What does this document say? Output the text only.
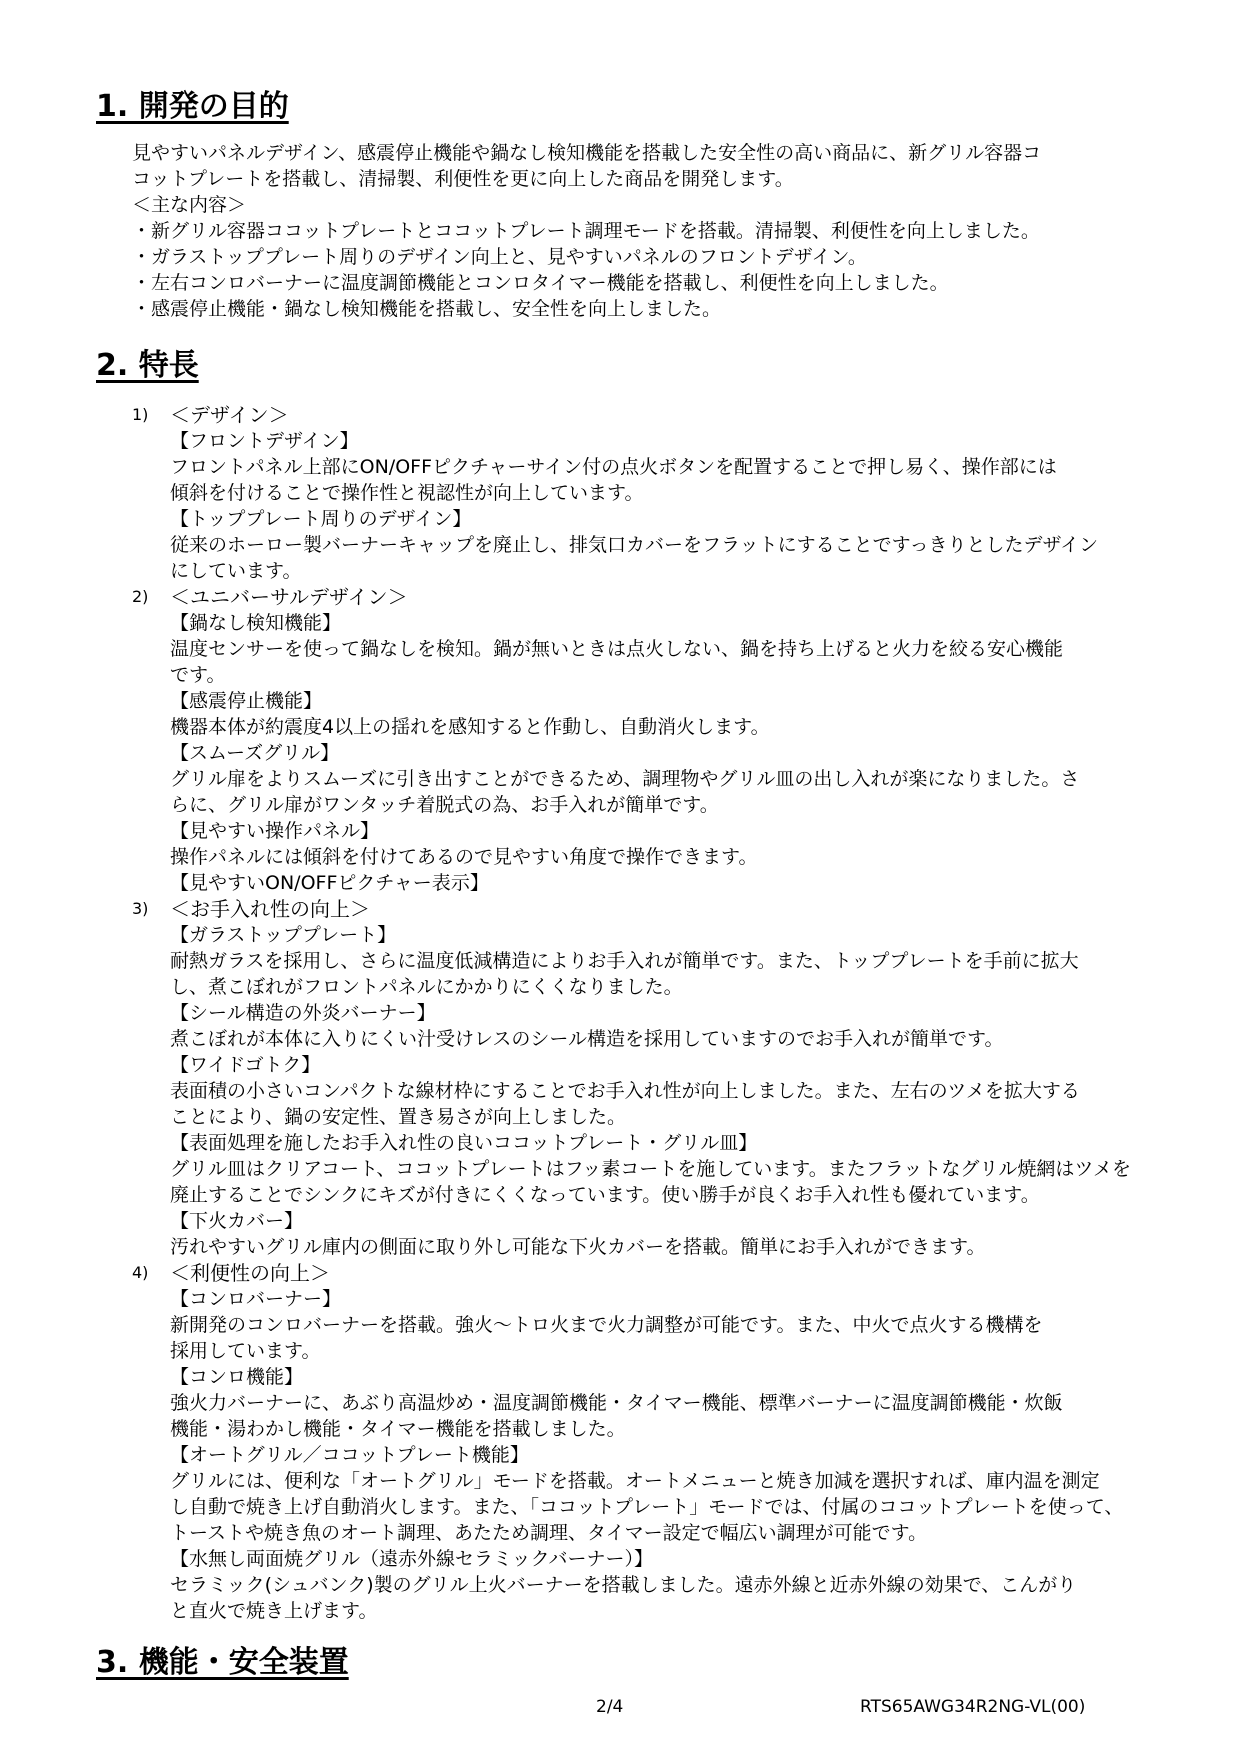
1. 開発の目的
見やすいパネルデザイン、感震停止機能や鍋なし検知機能を搭載した安全性の高い商品に、新グリル容器コ
コットプレートを搭載し、清掃製、利便性を更に向上した商品を開発します。
＜主な内容＞
・新グリル容器ココットプレートとココットプレート調理モードを搭載。清掃製、利便性を向上しました。
・ガラストッププレート周りのデザイン向上と、見やすいパネルのフロントデザイン。
・左右コンロバーナーに温度調節機能とコンロタイマー機能を搭載し、利便性を向上しました。
・感震停止機能・鍋なし検知機能を搭載し、安全性を向上しました。
2. 特長
1) ＜デザイン＞
【フロントデザイン】
フロントパネル上部にON/OFFピクチャーサイン付の点火ボタンを配置することで押し易く、操作部には
傾斜を付けることで操作性と視認性が向上しています。
【トッププレート周りのデザイン】
従来のホーロー製バーナーキャップを廃止し、排気口カバーをフラットにすることですっきりとしたデザイン
にしています。
2) ＜ユニバーサルデザイン＞
【鍋なし検知機能】
温度センサーを使って鍋なしを検知。鍋が無いときは点火しない、鍋を持ち上げると火力を絞る安心機能
です。
【感震停止機能】
機器本体が約震度4以上の揺れを感知すると作動し、自動消火します。
【スムーズグリル】
グリル扉をよりスムーズに引き出すことができるため、調理物やグリル皿の出し入れが楽になりました。さ
らに、グリル扉がワンタッチ着脱式の為、お手入れが簡単です。
【見やすい操作パネル】
操作パネルには傾斜を付けてあるので見やすい角度で操作できます。
【見やすいON/OFFピクチャー表示】
3) ＜お手入れ性の向上＞
【ガラストッププレート】
耐熱ガラスを採用し、さらに温度低減構造によりお手入れが簡単です。また、トッププレートを手前に拡大
し、煮こぼれがフロントパネルにかかりにくくなりました。
【シール構造の外炎バーナー】
煮こぼれが本体に入りにくい汁受けレスのシール構造を採用していますのでお手入れが簡単です。
【ワイドゴトク】
表面積の小さいコンパクトな線材枠にすることでお手入れ性が向上しました。また、左右のツメを拡大する
ことにより、鍋の安定性、置き易さが向上しました。
【表面処理を施したお手入れ性の良いココットプレート・グリル皿】
グリル皿はクリアコート、ココットプレートはフッ素コートを施しています。またフラットなグリル焼網はツメを
廃止することでシンクにキズが付きにくくなっています。使い勝手が良くお手入れ性も優れています。
【下火カバー】
汚れやすいグリル庫内の側面に取り外し可能な下火カバーを搭載。簡単にお手入れができます。
4) ＜利便性の向上＞
【コンロバーナー】
新開発のコンロバーナーを搭載。強火～トロ火まで火力調整が可能です。また、中火で点火する機構を
採用しています。
【コンロ機能】
強火力バーナーに、あぶり高温炒め・温度調節機能・タイマー機能、標準バーナーに温度調節機能・炊飯
機能・湯わかし機能・タイマー機能を搭載しました。
【オートグリル／ココットプレート機能】
グリルには、便利な「オートグリル」モードを搭載。オートメニューと焼き加減を選択すれば、庫内温を測定
し自動で焼き上げ自動消火します。また、「ココットプレート」モードでは、付属のココットプレートを使って、
トーストや焼き魚のオート調理、あたため調理、タイマー設定で幅広い調理が可能です。
【水無し両面焼グリル（遠赤外線セラミックバーナー）】
セラミック(シュバンク)製のグリル上火バーナーを搭載しました。遠赤外線と近赤外線の効果で、こんがり
と直火で焼き上げます。
3. 機能・安全装置
2/4	RTS65AWG34R2NG-VL(00)
